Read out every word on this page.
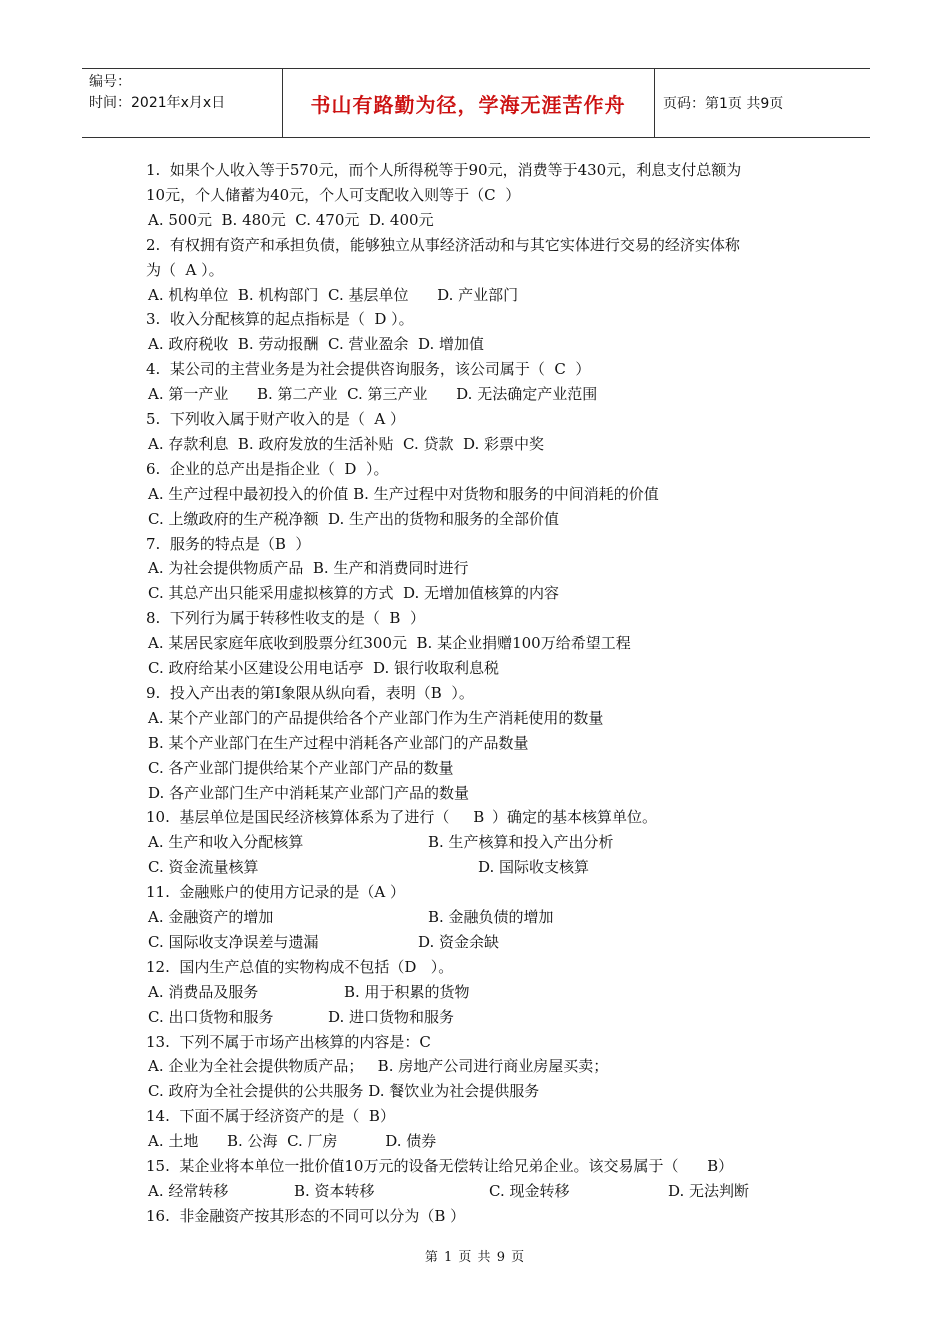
编号：
时间：2021年x月x日	书山有路勤为径，学海无涯苦作舟	页码：第1页 共9页
1.  如果个人收入等于570元，而个人所得税等于90元，消费等于430元，利息支付总额为
10元，个人储蓄为40元，个人可支配收入则等于（C  ）
A. 500元  B. 480元  C. 470元  D. 400元
2.  有权拥有资产和承担负债，能够独立从事经济活动和与其它实体进行交易的经济实体称
为（  A ）。
A. 机构单位  B. 机构部门  C. 基层单位      D. 产业部门
3.  收入分配核算的起点指标是（  D ）。
A. 政府税收  B. 劳动报酬  C. 营业盈余  D. 增加值
4.  某公司的主营业务是为社会提供咨询服务，该公司属于（  C  ）
A. 第一产业      B. 第二产业  C. 第三产业      D. 无法确定产业范围
5.  下列收入属于财产收入的是（  A ）
A. 存款利息  B. 政府发放的生活补贴  C. 贷款  D. 彩票中奖
6.  企业的总产出是指企业（  D  ）。
A. 生产过程中最初投入的价值 B. 生产过程中对货物和服务的中间消耗的价值
C. 上缴政府的生产税净额  D. 生产出的货物和服务的全部价值
7.  服务的特点是（B  ）
A. 为社会提供物质产品  B. 生产和消费同时进行
C. 其总产出只能采用虚拟核算的方式  D. 无增加值核算的内容
8.  下列行为属于转移性收支的是（  B  ）
A. 某居民家庭年底收到股票分红300元  B. 某企业捐赠100万给希望工程
C. 政府给某小区建设公用电话亭  D. 银行收取利息税
9.  投入产出表的第Ⅰ象限从纵向看，表明（B  ）。
A. 某个产业部门的产品提供给各个产业部门作为生产消耗使用的数量
B. 某个产业部门在生产过程中消耗各产业部门的产品数量
C. 各产业部门提供给某个产业部门产品的数量
D. 各产业部门生产中消耗某产业部门产品的数量
10.  基层单位是国民经济核算体系为了进行（     B ）确定的基本核算单位。
A. 生产和收入分配核算	B. 生产核算和投入产出分析
C. 资金流量核算	D. 国际收支核算
11.  金融账户的使用方记录的是（A ）
A. 金融资产的增加	B. 金融负债的增加
C. 国际收支净误差与遗漏	D. 资金余缺
12.  国内生产总值的实物构成不包括（D   ）。
A. 消费品及服务	B. 用于积累的货物
C. 出口货物和服务	D. 进口货物和服务
13.  下列不属于市场产出核算的内容是：C
A. 企业为全社会提供物质产品；   B. 房地产公司进行商业房屋买卖；
C. 政府为全社会提供的公共服务 D. 餐饮业为社会提供服务
14.  下面不属于经济资产的是（  B）
A. 土地      B. 公海  C. 厂房          D. 债券
15.  某企业将本单位一批价值10万元的设备无偿转让给兄弟企业。该交易属于（      B）
A. 经常转移	B. 资本转移	C. 现金转移	D. 无法判断
16.  非金融资产按其形态的不同可以分为（B ）
第 1 页 共 9 页
